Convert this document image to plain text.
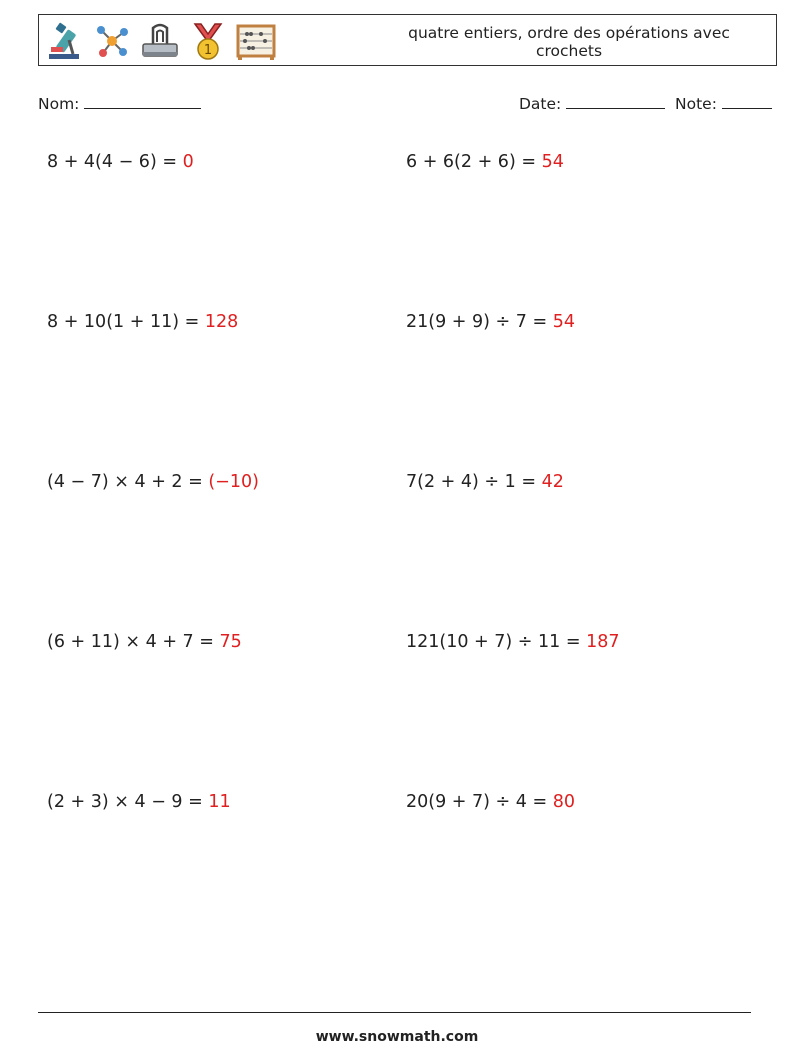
1
quatre entiers, ordre des opérations avec crochets
Nom:	Date:	Note:
8 + 4(4 − 6) = 0	6 + 6(2 + 6) = 54
8 + 10(1 + 11) = 128	21(9 + 9) ÷ 7 = 54
(4 − 7) × 4 + 2 = (−10)	7(2 + 4) ÷ 1 = 42
(6 + 11) × 4 + 7 = 75	121(10 + 7) ÷ 11 = 187
(2 + 3) × 4 − 9 = 11	20(9 + 7) ÷ 4 = 80
www.snowmath.com
